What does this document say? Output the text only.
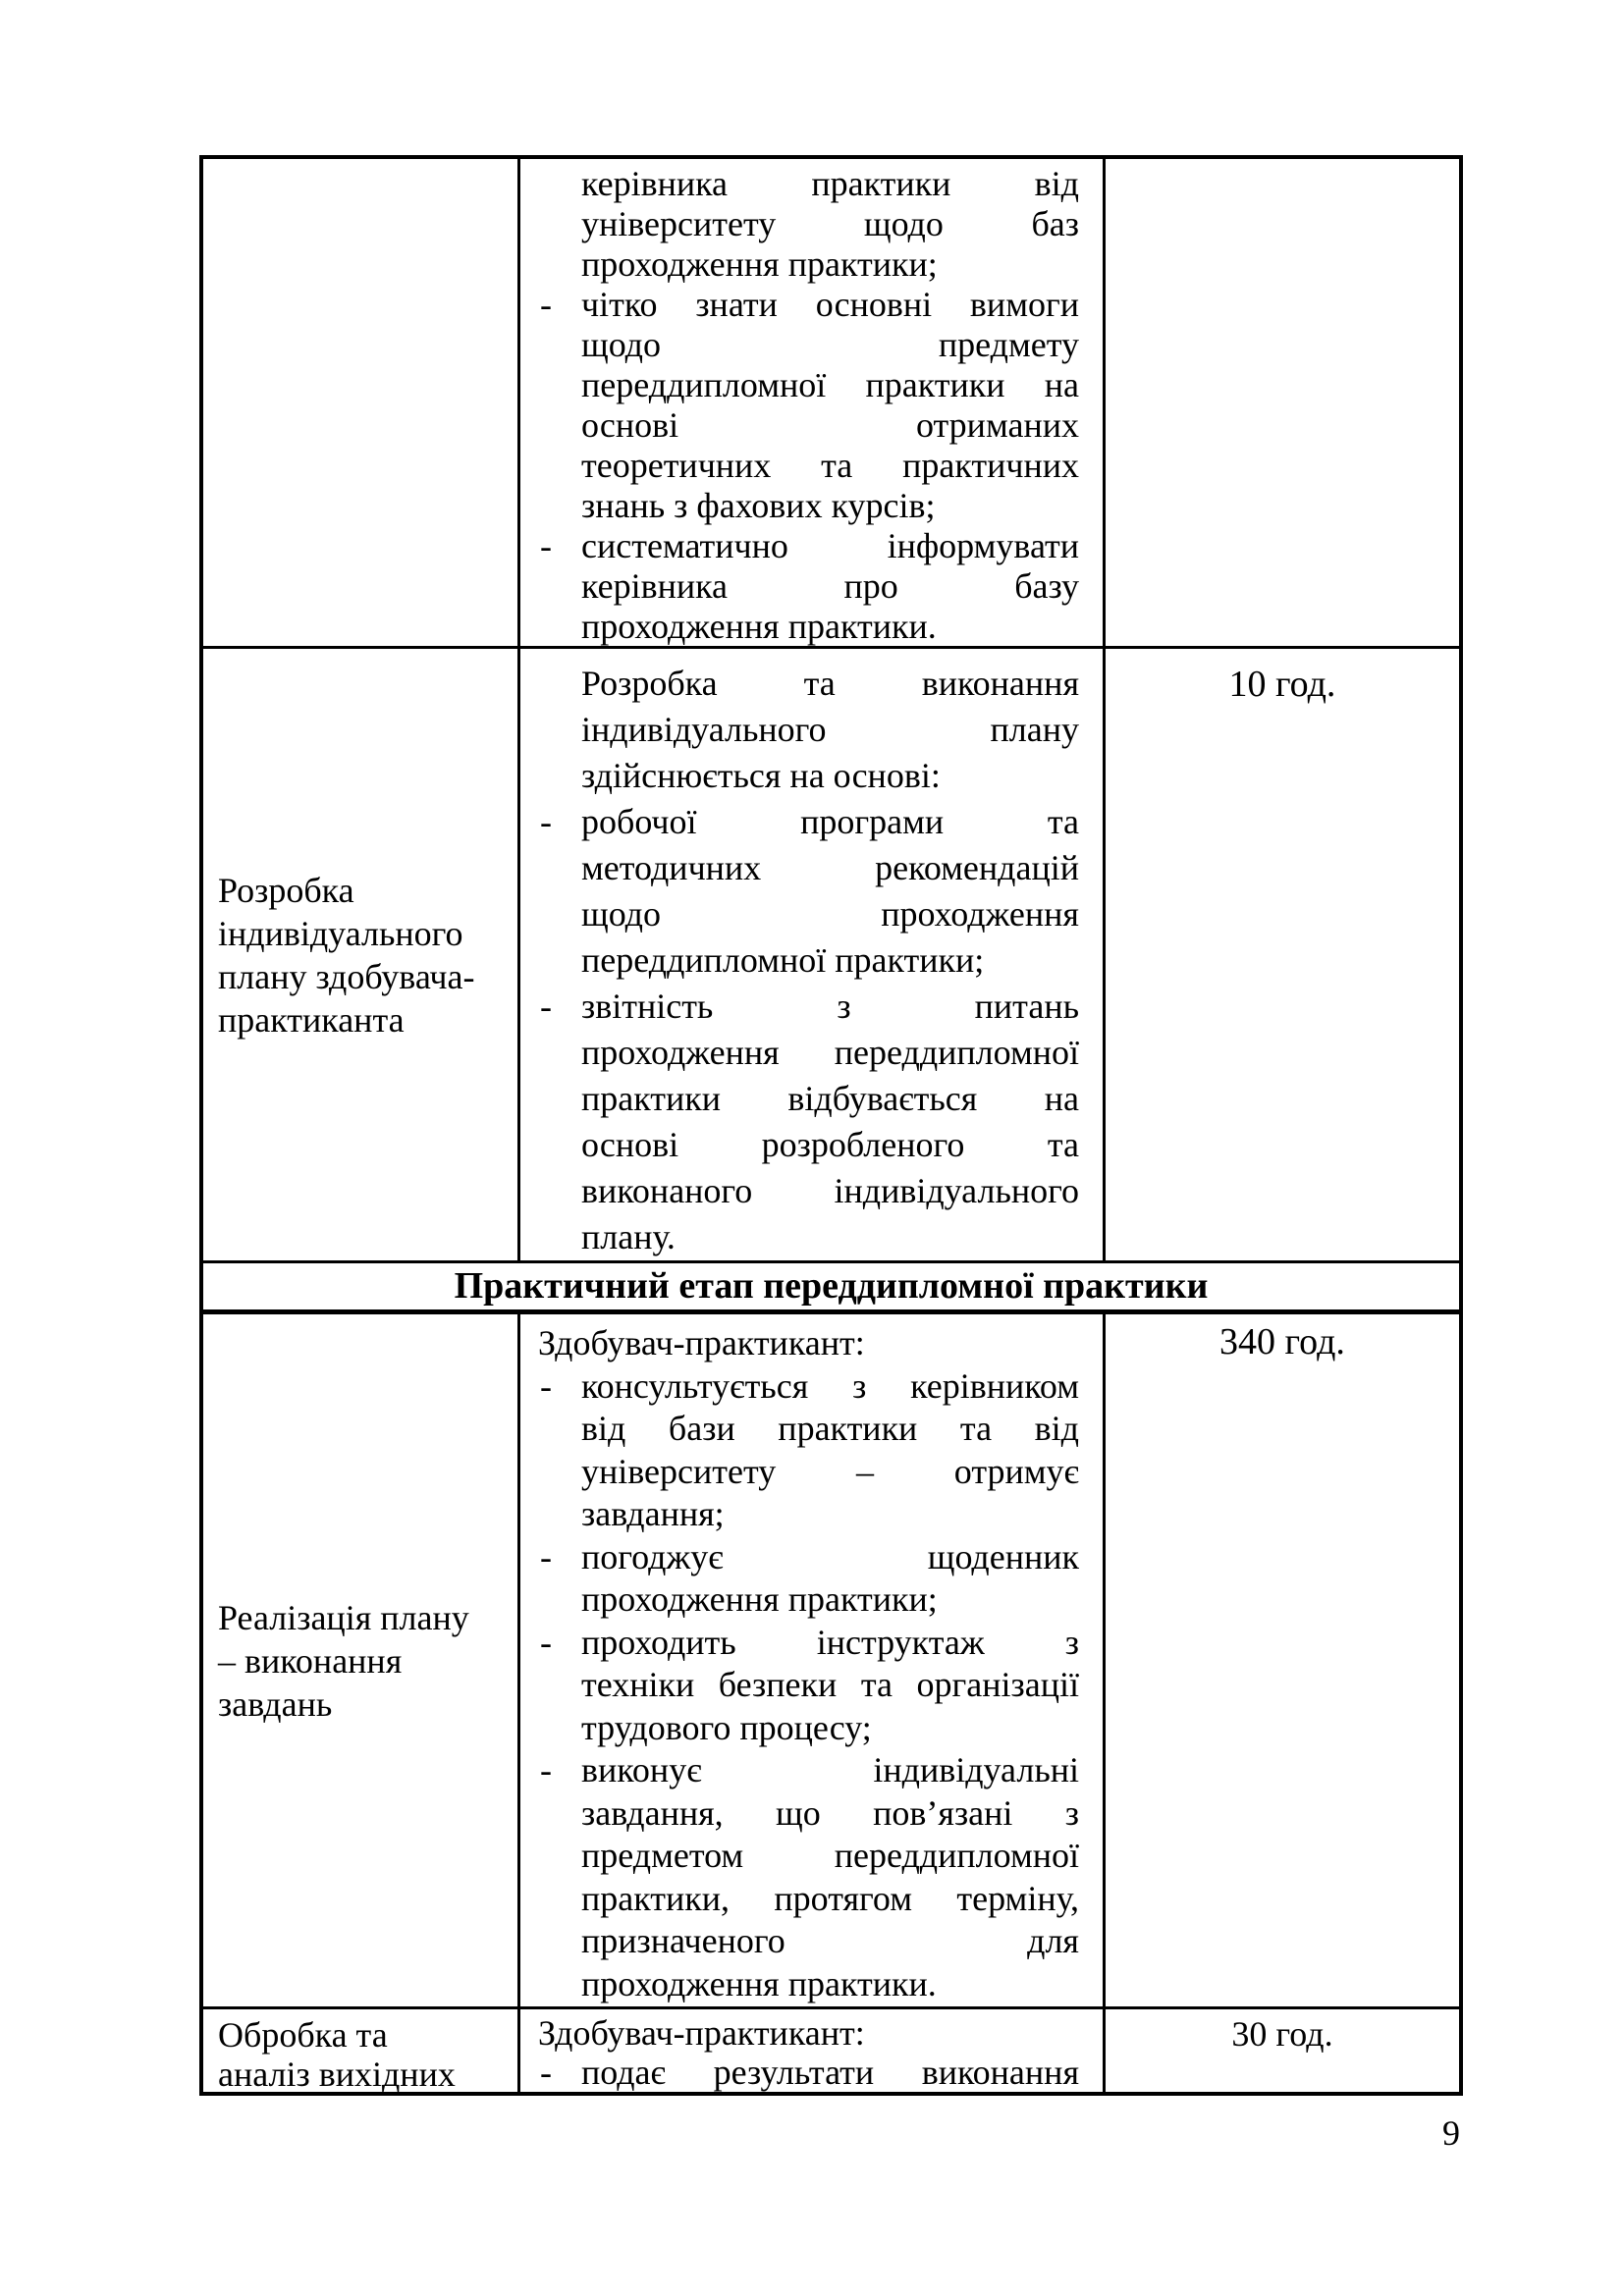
керівника практики від
університету щодо баз
проходження практики;
- чітко знати основні вимоги
щодо предмету
переддипломної практики на
основі отриманих
теоретичних та практичних
знань з фахових курсів;
- систематично інформувати
керівника про базу
проходження практики.
Розробка
індивідуального
плану здобувача-
практиканта
Розробка та виконання
індивідуального плану
здійснюється на основі:
- робочої програми та
методичних рекомендацій
щодо проходження
переддипломної практики;
- звітність з питань
проходження переддипломної
практики відбувається на
основі розробленого та
виконаного індивідуального
плану.
10 год.
Практичний етап переддипломної практики
Реалізація плану
– виконання
завдань
Здобувач-практикант:
- консультується з керівником
від бази практики та від
університету – отримує
завдання;
- погоджує щоденник
проходження практики;
- проходить інструктаж з
техніки безпеки та організації
трудового процесу;
- виконує індивідуальні
завдання, що пов’язані з
предметом переддипломної
практики, протягом терміну,
призначеного для
проходження практики.
340 год.
Обробка та
аналіз вихідних
Здобувач-практикант:
- подає результати виконання
30 год.
9
